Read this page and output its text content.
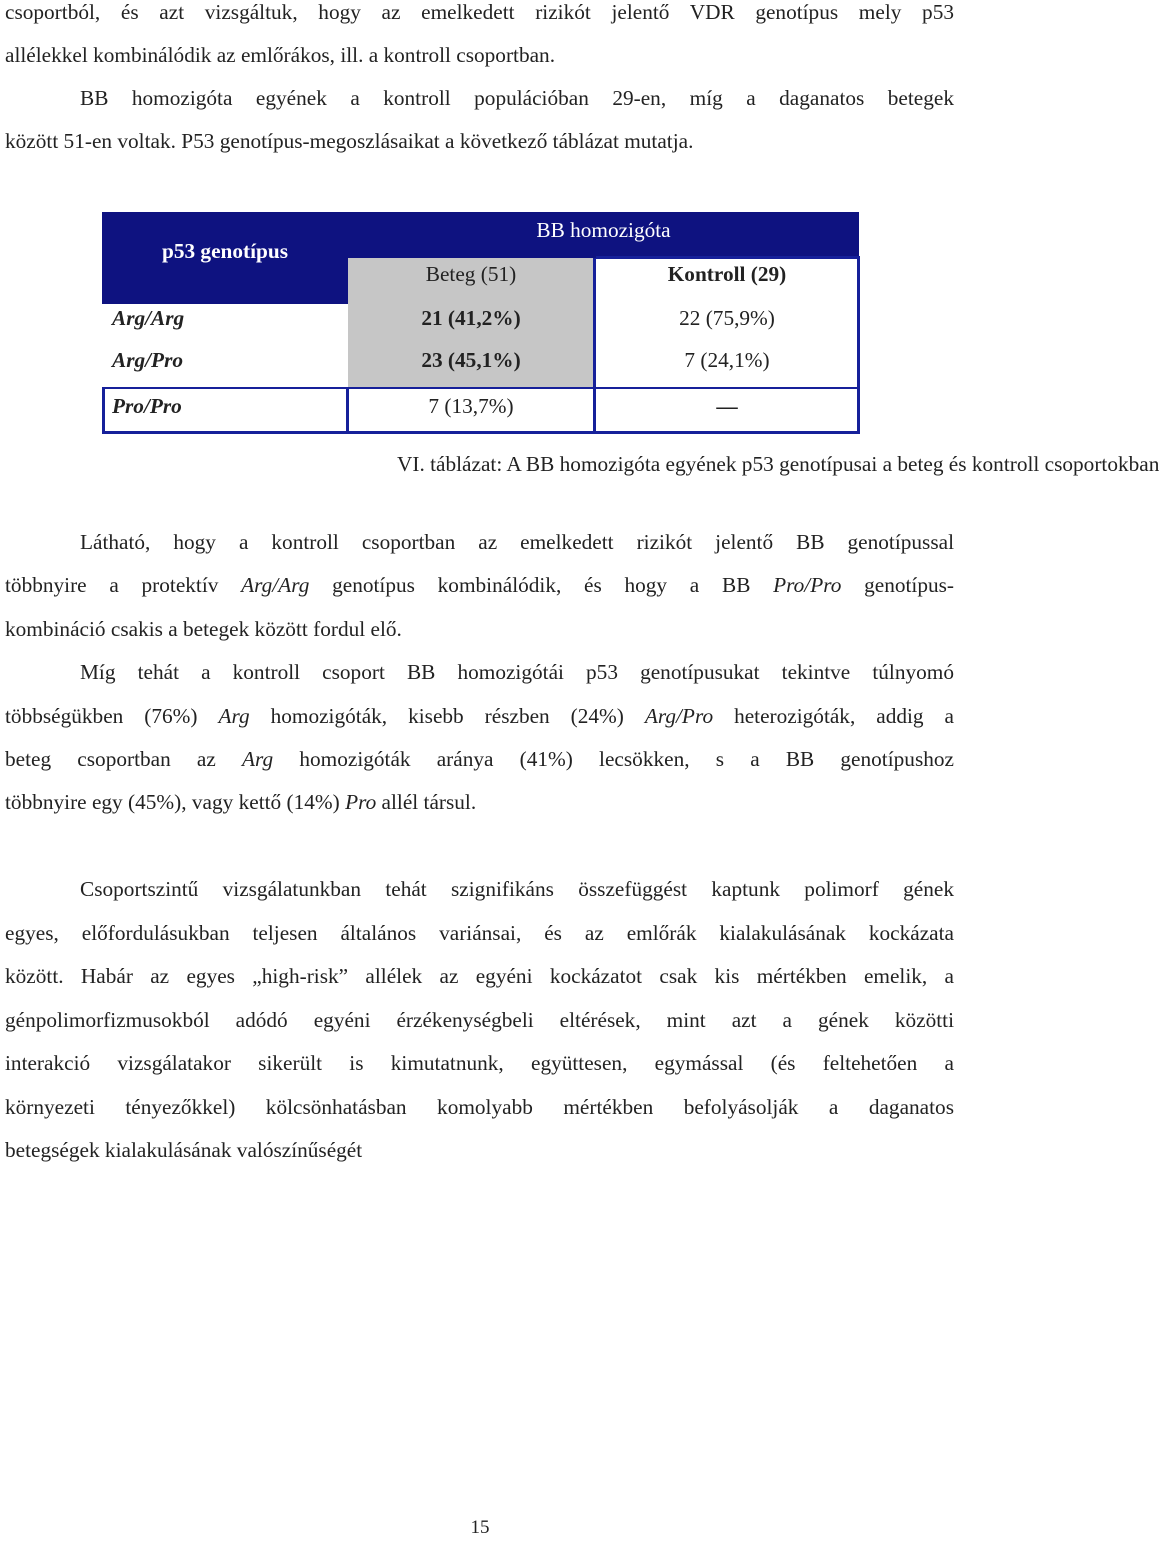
csoportból, és azt vizsgáltuk, hogy az emelkedett rizikót jelentő VDR genotípus mely p53
allélekkel kombinálódik az emlőrákos, ill. a kontroll csoportban.
BB homozigóta egyének a kontroll populációban 29-en, míg a daganatos betegek
között 51-en voltak. P53 genotípus-megoszlásaikat a következő táblázat mutatja.
p53 genotípus
BB homozigóta
Beteg (51)	Kontroll (29)
Arg/Arg	21 (41,2%)	22 (75,9%)
Arg/Pro	23 (45,1%)	7 (24,1%)
Pro/Pro	7 (13,7%)	—
VI. táblázat: A BB homozigóta egyének p53 genotípusai a beteg és kontroll csoportokban
Látható, hogy a kontroll csoportban az emelkedett rizikót jelentő BB genotípussal
többnyire a protektív Arg/Arg genotípus kombinálódik, és hogy a BB Pro/Pro genotípus-
kombináció csakis a betegek között fordul elő.
Míg tehát a kontroll csoport BB homozigótái p53 genotípusukat tekintve túlnyomó
többségükben (76%) Arg homozigóták, kisebb részben (24%) Arg/Pro heterozigóták, addig a
beteg csoportban az Arg homozigóták aránya (41%) lecsökken, s a BB genotípushoz
többnyire egy (45%), vagy kettő (14%) Pro allél társul.
Csoportszintű vizsgálatunkban tehát szignifikáns összefüggést kaptunk polimorf gének
egyes, előfordulásukban teljesen általános variánsai, és az emlőrák kialakulásának kockázata
között. Habár az egyes „high-risk” allélek az egyéni kockázatot csak kis mértékben emelik, a
génpolimorfizmusokból adódó egyéni érzékenységbeli eltérések, mint azt a gének közötti
interakció vizsgálatakor sikerült is kimutatnunk, együttesen, egymással (és feltehetően a
környezeti tényezőkkel) kölcsönhatásban komolyabb mértékben befolyásolják a daganatos
betegségek kialakulásának valószínűségét
15
